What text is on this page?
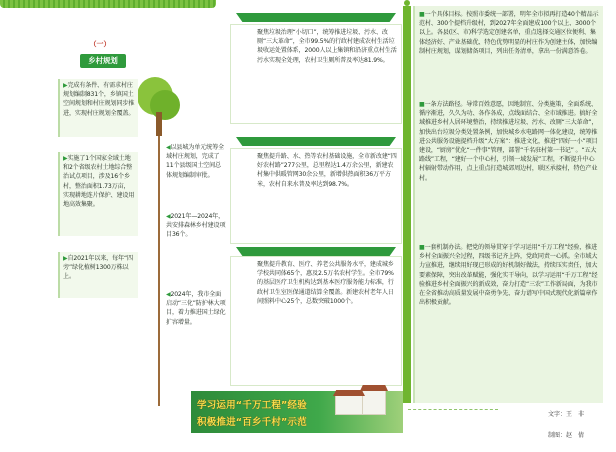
（一）
乡村规划
▶完成有条件、有需求村庄规划编制831个，乡镇国土空间规划和村庄规划同步推进，实现村庄规划全覆盖。
▶实施了1个国家全域土地和2个省级农村土地综合整治试点项目，涉及16个乡村，整治面积1.73万亩，实现耕地连片保护、建设用地高效集聚。
▶自2021年以来，每年“四旁”绿化植树1300万株以上。
◀以县城为单元统筹全域村庄规划，完成了11个县级国土空间总体规划编制审批。
◀2021年—2024年，共安排森林乡村建设项目36个。
◀2024年，我市全面启动“三化”防护林大项目，着力推进国土绿化扩容增量。
聚焦垃圾治理“小切口”，统筹推进垃圾、污水、改厕“三大革命”，全市99.5%的行政村建成农村生活垃圾收运处置体系，2000人以上集镇和沿济重点村生活污水实现全处理，农村卫生厕所普及率达81.9%。
聚焦提升路、水、热等农村基础设施，全市新改建“四好农村路”277公里，总里程达1.4万余公里，新建农村集中供暖管网30余公里，新增供热面积36万平方米，农村自来水普及率达到98.7%。
聚焦提升教育、医疗、养老公共服务水平，建成城乡学校共同体65个，惠及2.5万名农村学生。全市79%的基层医疗卫生机构达到基本医疗服务能力标准，行政村卫生室医保通道结算全覆盖。新建农村老年人日间照料中心25个，总数突破1000个。
学习运用“千万工程”经验
积极推进“百乡千村”示范
■一个具体目标。按照市委统一部署，明年全市拟再打造40个精品示范村、300个提档升级村，到2027年全面建成100个以上、3000个以上。各县(区、市)科学选定创建名单，重点选择交通区位便利、集体经济好、产业基础优、特色优势明显的村庄作为创建主体，加快编制村庄规划，谋划储备项目，列出任务清单，拿出一份满意答卷。
■一条方法路径。导常百姓意愿，因地制宜、分类施策，全面系统、循序渐进，久久为功、各作各成，点线面结合、全市域推进。搞好全域推进乡村人居环境整治，持续推进垃圾、污水、改厕“三大革命”，加快出台垃圾分类处置条例，加快城乡水电路网一体化建设，统筹推进公共服务设施提档升级“大方案”：推进文化，推进“四好一小”项目建设，“厨房”优化“一件事”管理，部署“千名驻村第一书记” 。“五大路线”工程，“建好一个中心村，引领一域发展”工程，不断提升中心村辐射带动作用，点上重点打造城郊周边村，联区承接村，特色产业村。
■一套机制办法。把党的领导贯穿于学习运用“千万工程”经验，推进乡村全面振兴全过程，四级书记齐上阵，党政同责一心抓。全市域大力宣推进，继续用好现已形成的好机制好做法，持续压实责任，加大要素保障，突出改革赋能，强化实干导向，以学习运用“千万工程”经验推进乡村全面振兴的新成效，奋力打造“三农”工作新局面，为我市在全省推动高质量发展中奋勇争先、奋力谱写中国式现代化新篇章作出积极贡献。
文字：王　非
制图：赵　倩
